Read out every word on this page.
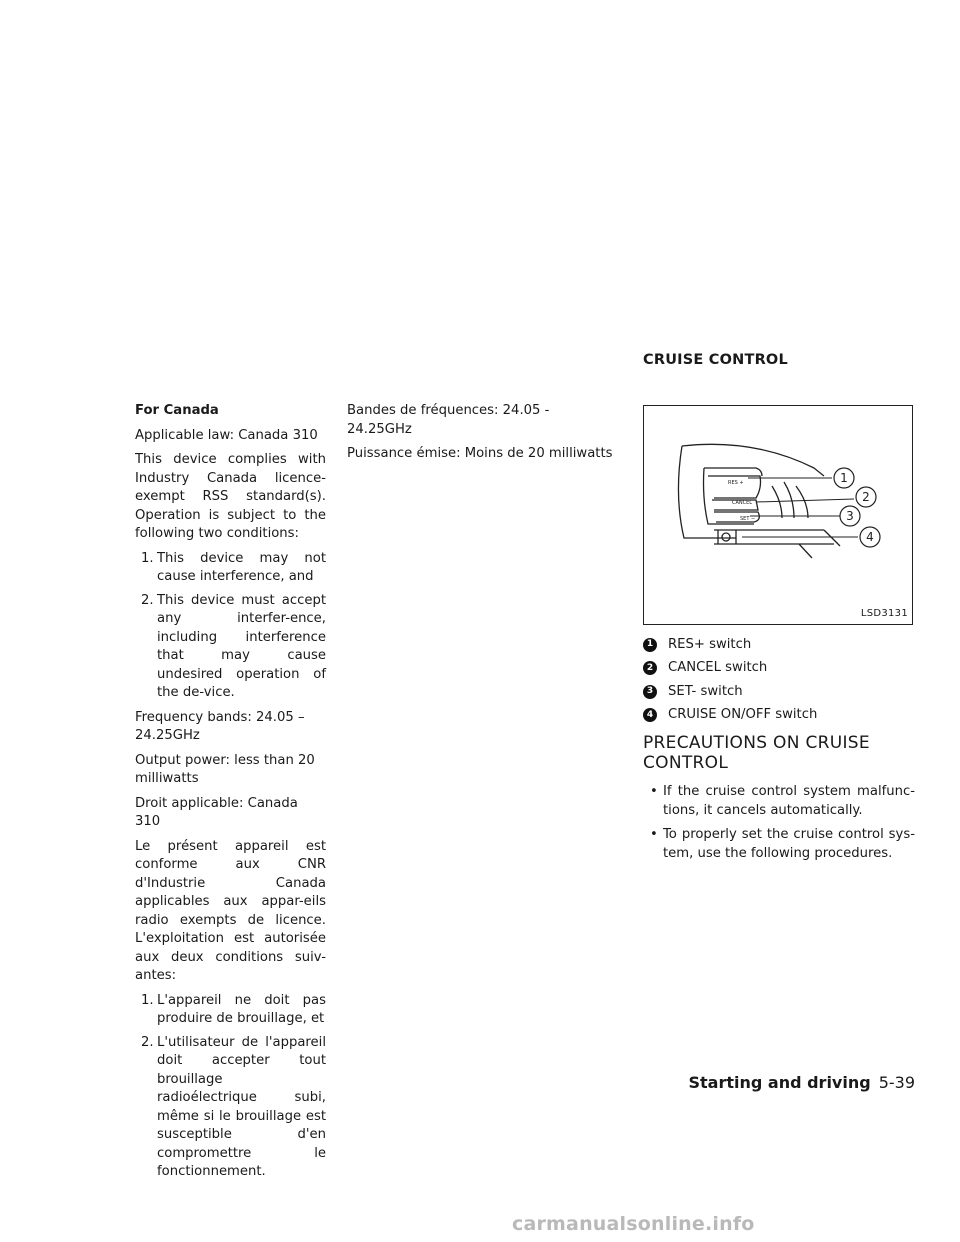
CRUISE CONTROL
For Canada

Applicable law: Canada 310

This device complies with Industry Canada licence-exempt RSS standard(s). Operation is subject to the following two conditions:

1. This device may not cause interference, and
2. This device must accept any interfer-ence, including interference that may cause undesired operation of the de-vice.

Frequency bands: 24.05 – 24.25GHz

Output power: less than 20 milliwatts

Droit applicable: Canada 310

Le présent appareil est conforme aux CNR d'Industrie Canada applicables aux appar-eils radio exempts de licence. L'exploitation est autorisée aux deux conditions suiv-antes:

1. L'appareil ne doit pas produire de brouillage, et
2. L'utilisateur de l'appareil doit accepter tout brouillage radioélectrique subi, même si le brouillage est susceptible d'en compromettre le fonctionnement.

Bandes de fréquences: 24.05 - 24.25GHz

Puissance émise: Moins de 20 milliwatts

RES +
CANCEL
SET −
1
2
3
4
LSD3131
1 RES+ switch
2 CANCEL switch
3 SET- switch
4 CRUISE ON/OFF switch
PRECAUTIONS ON CRUISE
CONTROL
• If the cruise control system malfunc-tions, it cancels automatically.
• To properly set the cruise control sys-tem, use the following procedures.
Starting and driving 5-39
carmanualsonline.info
